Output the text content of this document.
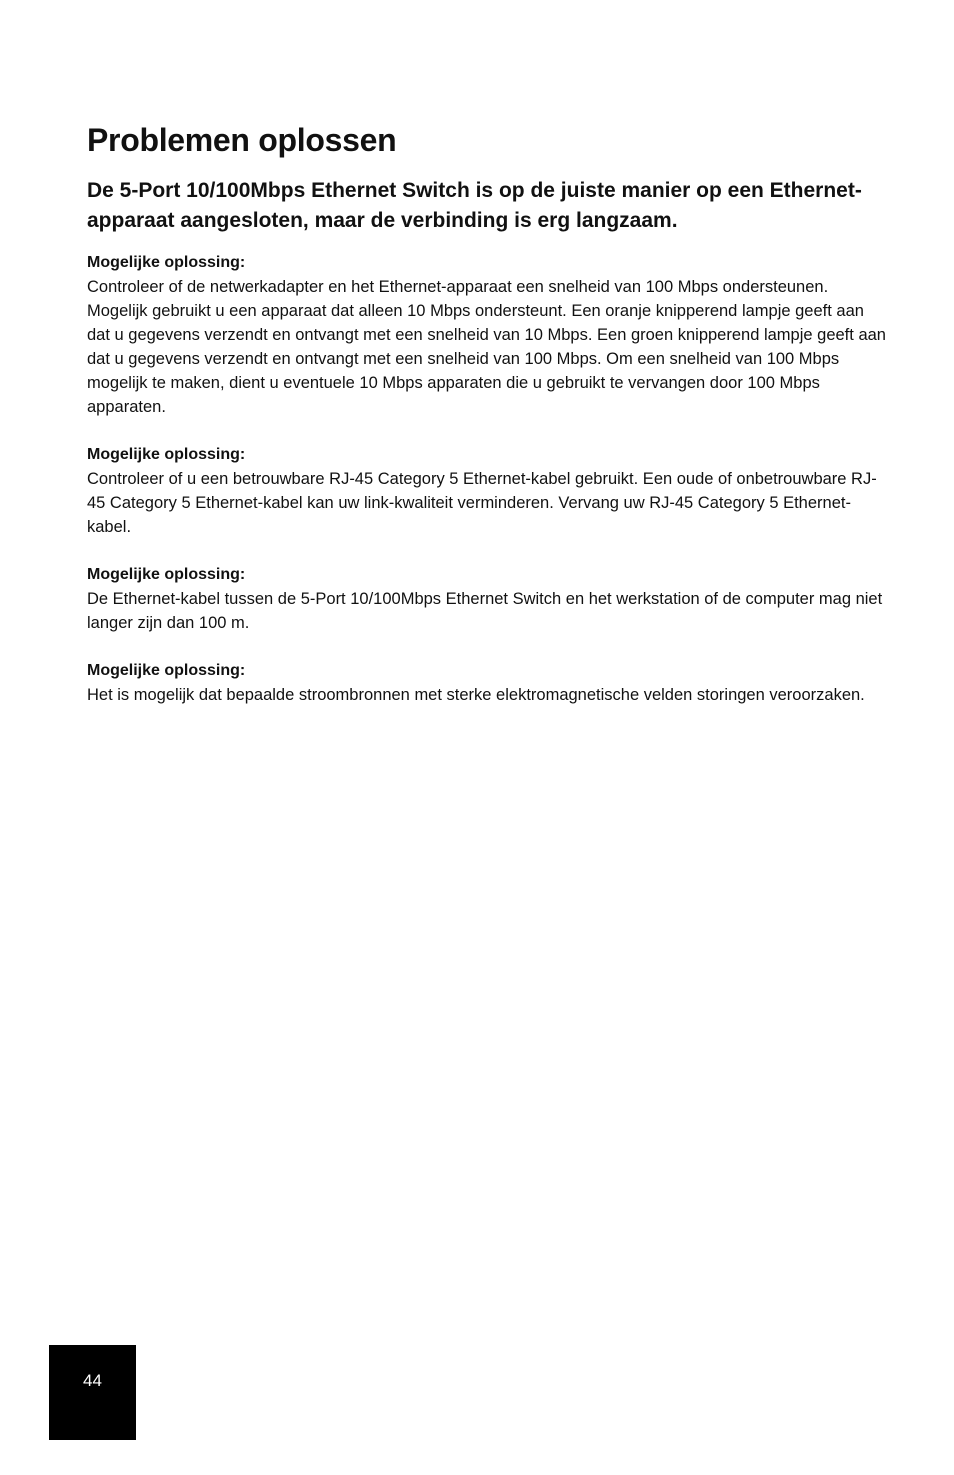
Problemen oplossen
De 5-Port 10/100Mbps Ethernet Switch is op de juiste manier op een Ethernet-apparaat aangesloten, maar de verbinding is erg langzaam.
Mogelijke oplossing:

Controleer of de netwerkadapter en het Ethernet-apparaat een snelheid van 100 Mbps ondersteunen. Mogelijk gebruikt u een apparaat dat alleen 10 Mbps ondersteunt. Een oranje knipperend lampje geeft aan dat u gegevens verzendt en ontvangt met een snelheid van 10 Mbps. Een groen knipperend lampje geeft aan dat u gegevens verzendt en ontvangt met een snelheid van 100 Mbps. Om een snelheid van 100 Mbps mogelijk te maken, dient u eventuele 10 Mbps apparaten die u gebruikt te vervangen door 100 Mbps apparaten.

Mogelijke oplossing:

Controleer of u een betrouwbare RJ-45 Category 5 Ethernet-kabel gebruikt. Een oude of onbetrouwbare RJ-45 Category 5 Ethernet-kabel kan uw link-kwaliteit verminderen. Vervang uw RJ-45 Category 5 Ethernet-kabel.

Mogelijke oplossing:

De Ethernet-kabel tussen de 5-Port 10/100Mbps Ethernet Switch en het werkstation of de computer mag niet langer zijn dan 100 m.

Mogelijke oplossing:

Het is mogelijk dat bepaalde stroombronnen met sterke elektromagnetische velden storingen veroorzaken.

44
